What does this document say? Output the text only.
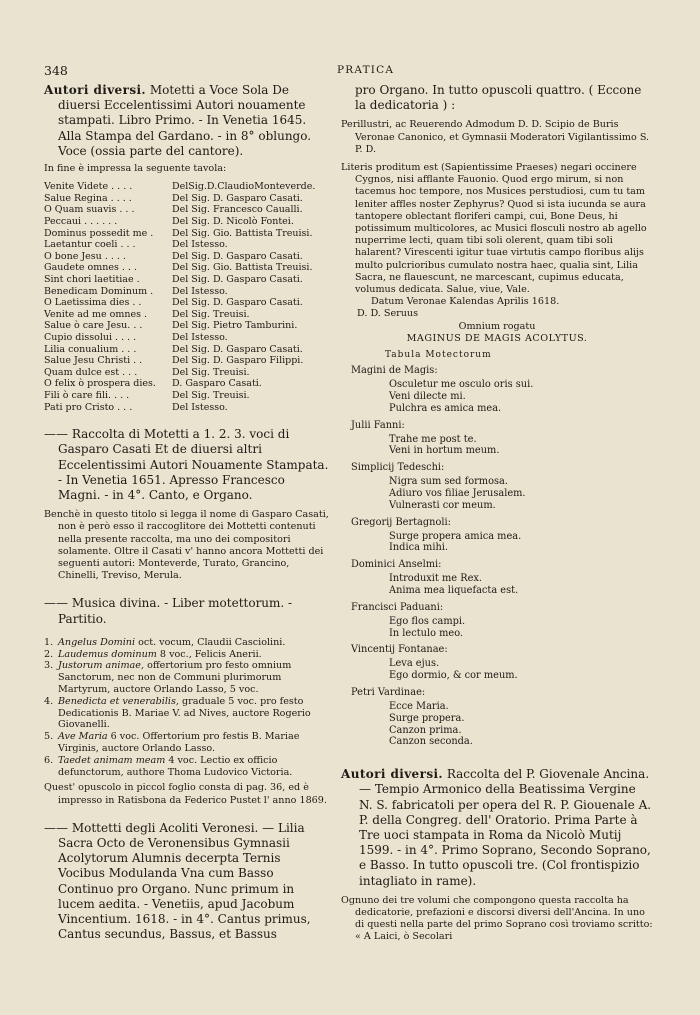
348	PRATICA

Autori diversi. Motetti a Voce Sola De diuersi Eccelentissimi Autori nouamente stampati. Libro Primo. - In Venetia 1645. Alla Stampa del Gardano. - in 8° oblungo. Voce (ossia parte del cantore).

In fine è impressa la seguente tavola:

Venite Videte . . . .	DelSig.D.ClaudioMonteverde.
Salue Regina . . . .	Del Sig. D. Gasparo Casati.
O Quam suavis . . .	Del Sig. Francesco Caualli.
Peccaui . . . . . .	Del Sig. D. Nicolò Fontei.
Dominus possedit me .	Del Sig. Gio. Battista Treuisi.
Laetantur coeli . . .	Del Istesso.
O bone Jesu . . . .	Del Sig. D. Gasparo Casati.
Gaudete omnes . . .	Del Sig. Gio. Battista Treuisi.
Sint chori laetitiae .	Del Sig. D. Gasparo Casati.
Benedicam Dominum .	Del Istesso.
O Laetissima dies . .	Del Sig. D. Gasparo Casati.
Venite ad me omnes .	Del Sig. Treuisi.
Salue ò care Jesu. . .	Del Sig. Pietro Tamburini.
Cupio dissolui . . . .	Del Istesso.
Lilia conualium . . .	Del Sig. D. Gasparo Casati.
Salue Jesu Christi . .	Del Sig. D. Gasparo Filippi.
Quam dulce est . . .	Del Sig. Treuisi.
O felix ò prospera dies.	D. Gasparo Casati.
Fili ò care fili. . . .	Del Sig. Treuisi.
Pati pro Cristo . . .	Del Istesso.

—— Raccolta di Motetti a 1. 2. 3. voci di Gasparo Casati Et de diuersi altri Eccelentissimi Autori Nouamente Stampata. - In Venetia 1651. Apresso Francesco Magni. - in 4°. Canto, e Organo.

Benchè in questo titolo si legga il nome di Gasparo Casati, non è però esso il raccoglitore dei Mottetti contenuti nella presente raccolta, ma uno dei compositori solamente. Oltre il Casati v' hanno ancora Mottetti dei seguenti autori: Monteverde, Turato, Grancino, Chinelli, Treviso, Merula.

—— Musica divina. - Liber motettorum. - Partitio.

1. Angelus Domini oct. vocum, Claudii Casciolini.
2. Laudemus dominum 8 voc., Felicis Anerii.
3. Justorum animae, offertorium pro festo omnium Sanctorum, nec non de Communi plurimorum Martyrum, auctore Orlando Lasso, 5 voc.
4. Benedicta et venerabilis, graduale 5 voc. pro festo Dedicationis B. Mariae V. ad Nives, auctore Rogerio Giovanelli.
5. Ave Maria 6 voc. Offertorium pro festis B. Mariae Virginis, auctore Orlando Lasso.
6. Taedet animam meam 4 voc. Lectio ex officio defunctorum, authore Thoma Ludovico Victoria.

Quest' opuscolo in piccol foglio consta di pag. 36, ed è impresso in Ratisbona da Federico Pustet l' anno 1869.

—— Mottetti degli Acoliti Veronesi. — Lilia Sacra Octo de Veronensibus Gymnasii Acolytorum Alumnis decerpta Ternis Vocibus Modulanda Vna cum Basso Continuo pro Organo. Nunc primum in lucem aedita. - Venetiis, apud Jacobum Vincentium. 1618. - in 4°. Cantus primus, Cantus secundus, Bassus, et Bassus

pro Organo. In tutto opuscoli quattro. ( Eccone la dedicatoria ) :

Perillustri, ac Reuerendo Admodum D. D. Scipio de Buris Veronae Canonico, et Gymnasii Moderatori Vigilantissimo S. P. D.

Literis proditum est (Sapientissime Praeses) negari occinere Cygnos, nisi afflante Fauonio. Quod ergo mirum, si non tacemus hoc tempore, nos Musices perstudiosi, cum tu tam leniter affles noster Zephyrus? Quod si ista iucunda se aura tantopere oblectant floriferi campi, cui, Bone Deus, hi potissimum multicolores, ac Musici flosculi nostro ab agello nuperrime lecti, quam tibi soli olerent, quam tibi soli halarent? Virescenti igitur tuae virtutis campo floribus alijs multo pulcrioribus cumulato nostra haec, qualia sint, Lilia Sacra, ne flauescunt, ne marcescant, cupimus educata, volumus dedicata. Salue, viue, Vale.

Datum Veronae Kalendas Aprilis 1618.

D. D. Seruus

Omnium rogatu

MAGINUS DE MAGIS ACOLYTUS.

Tabula Motectorum

Magini de Magis:

Osculetur me osculo oris sui.
Veni dilecte mi.
Pulchra es amica mea.

Julii Fanni:

Trahe me post te.
Veni in hortum meum.

Simplicij Tedeschi:

Nigra sum sed formosa.
Adiuro vos filiae Jerusalem.
Vulnerasti cor meum.

Gregorij Bertagnoli:

Surge propera amica mea.
Indica mihi.

Dominici Anselmi:

Introduxit me Rex.
Anima mea liquefacta est.

Francisci Paduani:

Ego flos campi.
In lectulo meo.

Vincentij Fontanae:

Leva ejus.
Ego dormio, & cor meum.

Petri Vardinae:

Ecce Maria.
Surge propera.
Canzon prima.
Canzon seconda.

Autori diversi. Raccolta del P. Giovenale Ancina. — Tempio Armonico della Beatissima Vergine N. S. fabricatoli per opera del R. P. Giouenale A. P. della Congreg. dell' Oratorio. Prima Parte à Tre uoci stampata in Roma da Nicolò Mutij 1599. - in 4°. Primo Soprano, Secondo Soprano, e Basso. In tutto opuscoli tre. (Col frontispizio intagliato in rame).

Ognuno dei tre volumi che compongono questa raccolta ha dedicatorie, prefazioni e discorsi diversi dell'Ancina. In uno di questi nella parte del primo Soprano così troviamo scritto: « A Laici, ò Secolari
